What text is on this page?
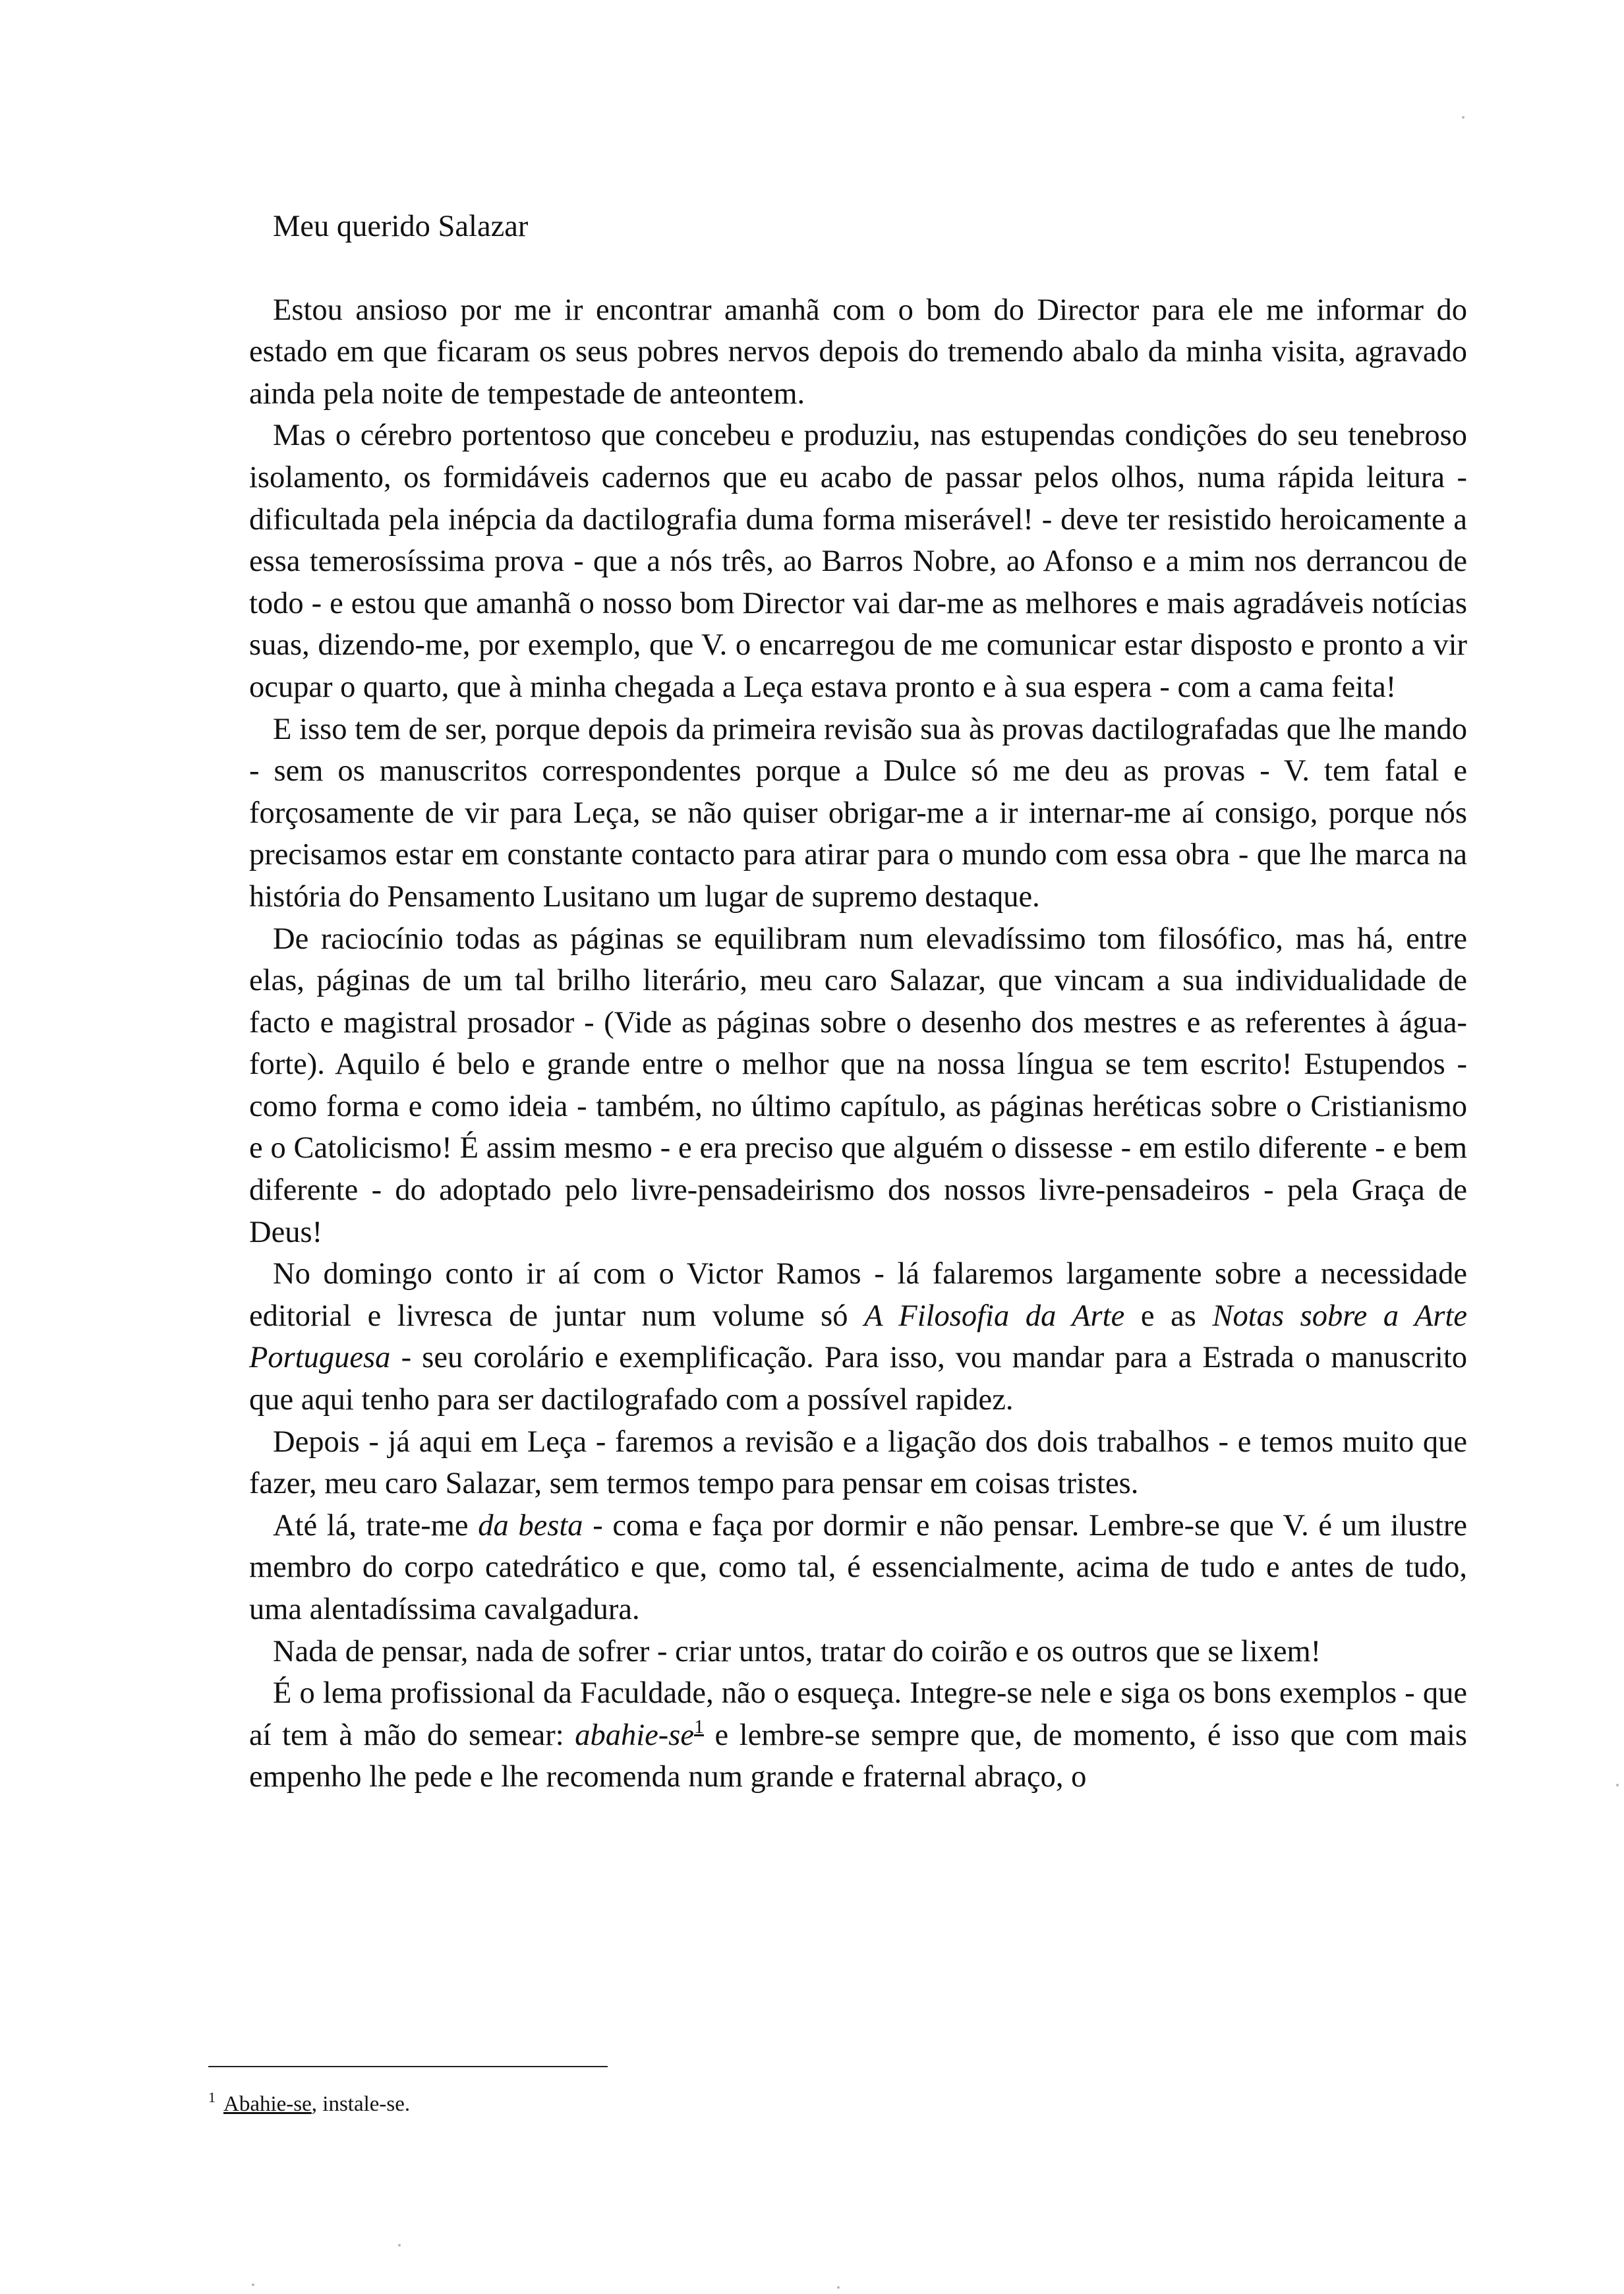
Meu querido Salazar

Estou ansioso por me ir encontrar amanhã com o bom do Director para ele me informar do estado em que ficaram os seus pobres nervos depois do tremendo abalo da minha visita, agravado ainda pela noite de tempestade de anteontem.

Mas o cérebro portentoso que concebeu e produziu, nas estupendas condições do seu tenebroso isolamento, os formidáveis cadernos que eu acabo de passar pelos olhos, numa rápida leitura - dificultada pela inépcia da dactilografia duma forma miserável! - deve ter resistido heroicamente a essa temerosíssima prova - que a nós três, ao Barros Nobre, ao Afonso e a mim nos derrancou de todo - e estou que amanhã o nosso bom Director vai dar-me as melhores e mais agradáveis notícias suas, dizendo-me, por exemplo, que V. o encarregou de me comunicar estar disposto e pronto a vir ocupar o quarto, que à minha chegada a Leça estava pronto e à sua espera - com a cama feita!

E isso tem de ser, porque depois da primeira revisão sua às provas dactilografadas que lhe mando - sem os manuscritos correspondentes porque a Dulce só me deu as provas - V. tem fatal e forçosamente de vir para Leça, se não quiser obrigar-me a ir internar-me aí consigo, porque nós precisamos estar em constante contacto para atirar para o mundo com essa obra - que lhe marca na história do Pensamento Lusitano um lugar de supremo destaque.

De raciocínio todas as páginas se equilibram num elevadíssimo tom filosófico, mas há, entre elas, páginas de um tal brilho literário, meu caro Salazar, que vincam a sua individualidade de facto e magistral prosador - (Vide as páginas sobre o desenho dos mestres e as referentes à água-forte). Aquilo é belo e grande entre o melhor que na nossa língua se tem escrito! Estupendos - como forma e como ideia - também, no último capítulo, as páginas heréticas sobre o Cristianismo e o Catolicismo! É assim mesmo - e era preciso que alguém o dissesse - em estilo diferente - e bem diferente - do adoptado pelo livre-pensadeirismo dos nossos livre-pensadeiros - pela Graça de Deus!

No domingo conto ir aí com o Victor Ramos - lá falaremos largamente sobre a necessidade editorial e livresca de juntar num volume só A Filosofia da Arte e as Notas sobre a Arte Portuguesa - seu corolário e exemplificação. Para isso, vou mandar para a Estrada o manuscrito que aqui tenho para ser dactilografado com a possível rapidez.

Depois - já aqui em Leça - faremos a revisão e a ligação dos dois trabalhos - e temos muito que fazer, meu caro Salazar, sem termos tempo para pensar em coisas tristes.

Até lá, trate-me da besta - coma e faça por dormir e não pensar. Lembre-se que V. é um ilustre membro do corpo catedrático e que, como tal, é essencialmente, acima de tudo e antes de tudo, uma alentadíssima cavalgadura.

Nada de pensar, nada de sofrer - criar untos, tratar do coirão e os outros que se lixem!

É o lema profissional da Faculdade, não o esqueça. Integre-se nele e siga os bons exemplos - que aí tem à mão do semear: abahie-$se^1$ e lembre-se sempre que, de momento, é isso que com mais empenho lhe pede e lhe recomenda num grande e fraternal abraço, o

$^1$ Abahie-se, instale-se.
